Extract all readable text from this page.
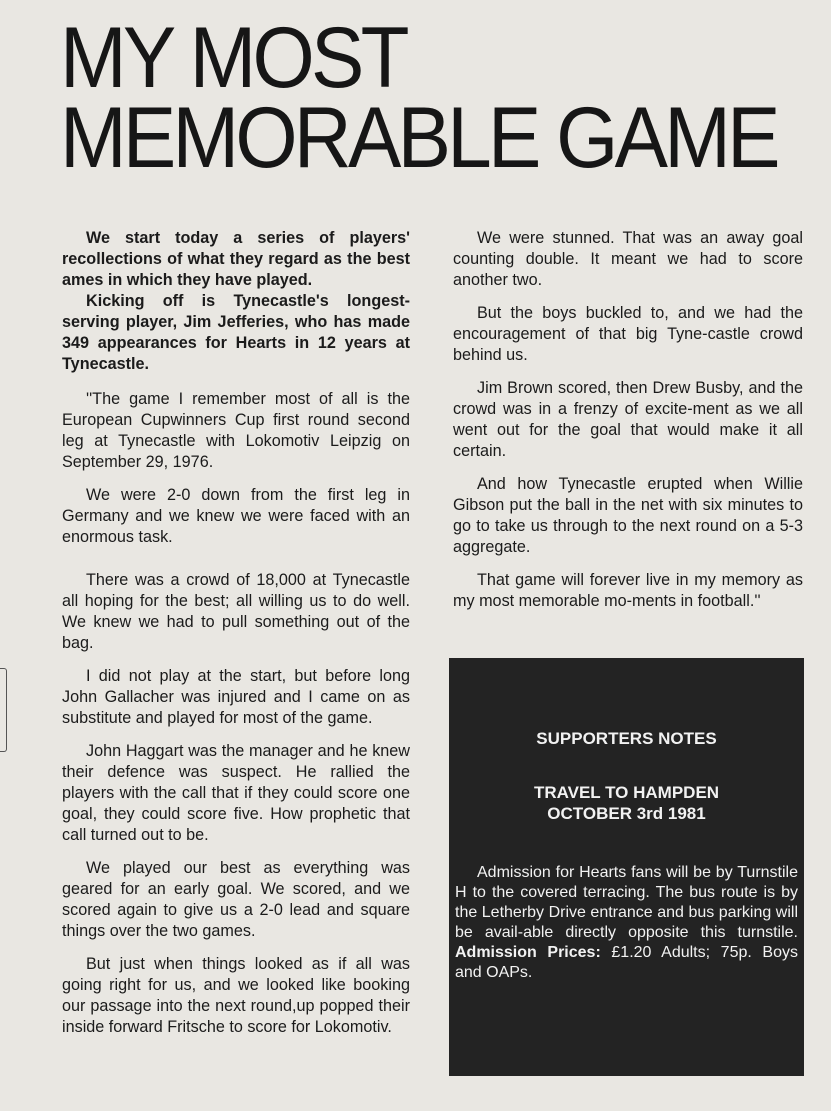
MY MOST
MEMORABLE GAME

We start today a series of players' recollections of what they regard as the best ames in which they have played.

Kicking off is Tynecastle's longest-serving player, Jim Jefferies, who has made 349 appearances for Hearts in 12 years at Tynecastle.

''The game I remember most of all is the European Cupwinners Cup first round second leg at Tynecastle with Lokomotiv Leipzig on September 29, 1976.

We were 2-0 down from the first leg in Germany and we knew we were faced with an enormous task.

There was a crowd of 18,000 at Tynecastle all hoping for the best; all willing us to do well. We knew we had to pull something out of the bag.

I did not play at the start, but before long John Gallacher was injured and I came on as substitute and played for most of the game.

John Haggart was the manager and he knew their defence was suspect. He rallied the players with the call that if they could score one goal, they could score five. How prophetic that call turned out to be.

We played our best as everything was geared for an early goal. We scored, and we scored again to give us a 2-0 lead and square things over the two games.

But just when things looked as if all was going right for us, and we looked like booking our passage into the next round,up popped their inside forward Fritsche to score for Lokomotiv.

We were stunned. That was an away goal counting double. It meant we had to score another two.

But the boys buckled to, and we had the encouragement of that big Tyne-castle crowd behind us.

Jim Brown scored, then Drew Busby, and the crowd was in a frenzy of excite-ment as we all went out for the goal that would make it all certain.

And how Tynecastle erupted when Willie Gibson put the ball in the net with six minutes to go to take us through to the next round on a 5-3 aggregate.

That game will forever live in my memory as my most memorable mo-ments in football.''

SUPPORTERS NOTES
TRAVEL TO HAMPDEN
OCTOBER 3rd 1981

Admission for Hearts fans will be by Turnstile H to the covered terracing. The bus route is by the Letherby Drive entrance and bus parking will be avail-able directly opposite this turnstile. Admission Prices: £1.20 Adults; 75p. Boys and OAPs.
